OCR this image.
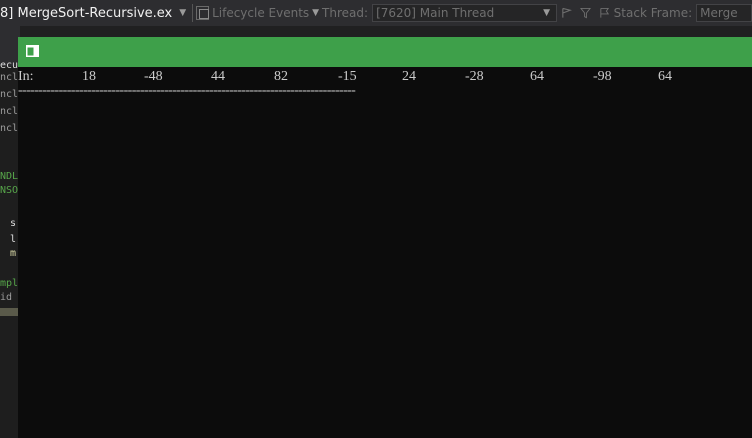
8] MergeSort-Recursive.ex ▼ Lifecycle Events ▼ Thread: [7620] Main Thread	▼	Stack Frame: Merge
ecu
ncl
ncl
ncl
ncl
NDL
NSO
s
l
m
mpl
id

In:

	18

	-48

	44

	82

	-15

	24

	-28

	64

	-98

	64

-----------------------------------------------------------------------------------
